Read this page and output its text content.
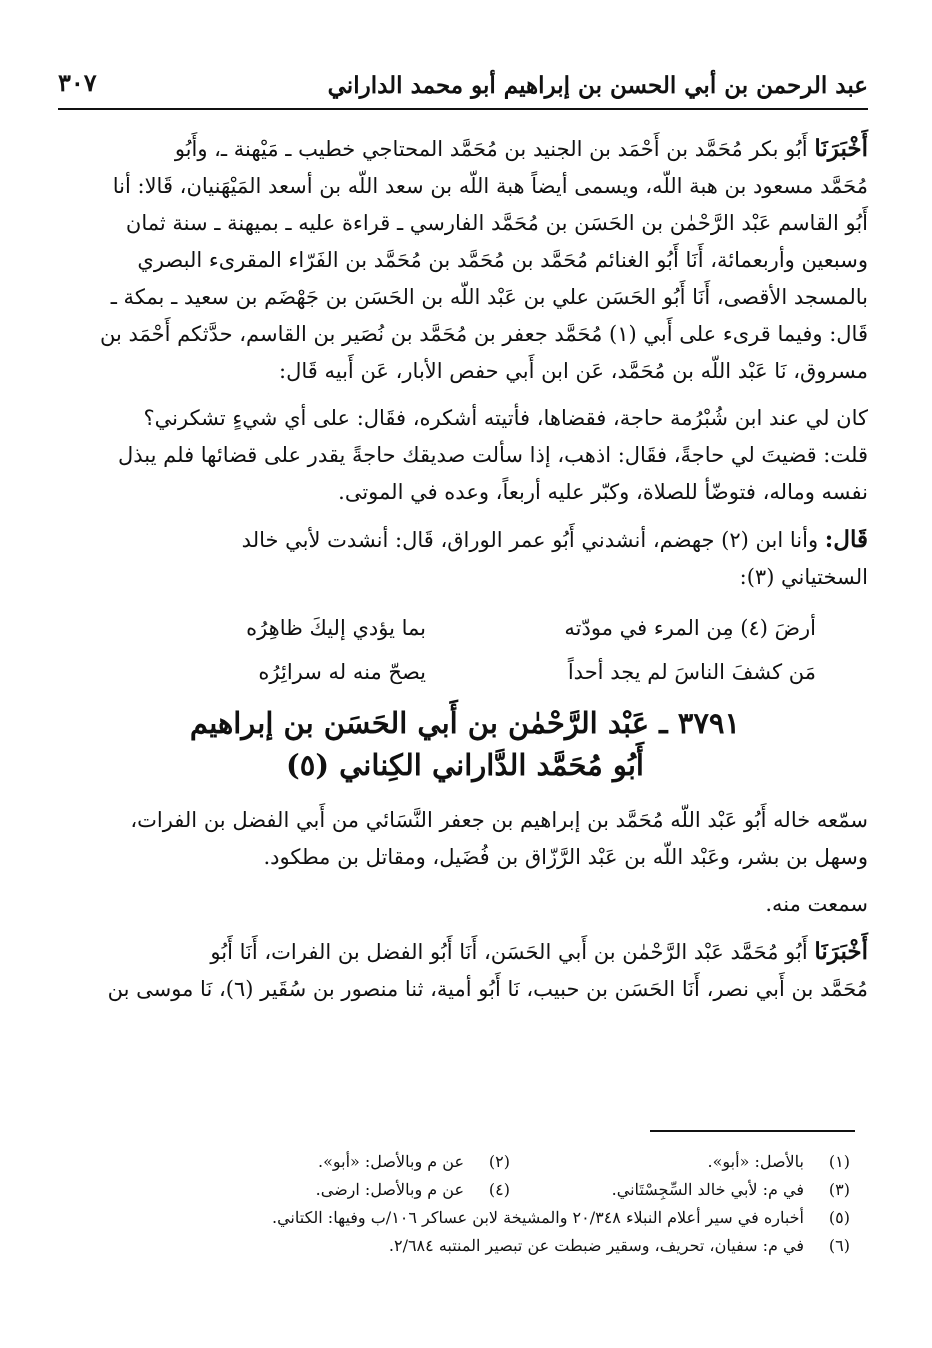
عبد الرحمن بن أبي الحسن بن إبراهيم أبو محمد الداراني
٣٠٧

أَخْبَرَنَا أَبُو بكر مُحَمَّد بن أَحْمَد بن الجنيد بن مُحَمَّد المحتاجي خطيب ـ مَيْهنة ـ، وأَبُو
مُحَمَّد مسعود بن هبة اللّه، ويسمى أيضاً هبة اللّه بن سعد اللّه بن أسعد المَيْهَنيان، قَالا: أنا
أَبُو القاسم عَبْد الرَّحْمٰن بن الحَسَن بن مُحَمَّد الفارسي ـ قراءة عليه ـ بميهنة ـ سنة ثمان
وسبعين وأربعمائة، أَنَا أَبُو الغنائم مُحَمَّد بن مُحَمَّد بن مُحَمَّد بن الفَرّاء المقرىء البصري
بالمسجد الأقصى، أَنَا أَبُو الحَسَن علي بن عَبْد اللّه بن الحَسَن بن جَهْضَم بن سعيد ـ بمكة ـ
قَال: وفيما قرىء على أَبي (١) مُحَمَّد جعفر بن مُحَمَّد بن نُصَير بن القاسم، حدَّثكم أَحْمَد بن
مسروق، نَا عَبْد اللّه بن مُحَمَّد، عَن ابن أَبي حفص الأبار، عَن أَبيه قَال:

كان لي عند ابن شُبْرُمة حاجة، فقضاها، فأتيته أشكره، فقَال: على أي شيءٍ تشكرني؟
قلت: قضيتَ لي حاجةً، فقَال: اذهب، إذا سألت صديقك حاجةً يقدر على قضائها فلم يبذل
نفسه وماله، فتوضّأ للصلاة، وكبّر عليه أربعاً، وعده في الموتى.

قَال: وأنا ابن (٢) جهضم، أنشدني أَبُو عمر الوراق، قَال: أنشدت لأبي خالد
السختياني (٣):

أرضَ (٤) مِن المرء في مودّته
بما يؤدي إليكَ ظاهِرُه
مَن كشفَ الناسَ لم يجد أحداً
يصحّ منه له سرائِرُه
٣٧٩١ ـ عَبْد الرَّحْمٰن بن أَبي الحَسَن بن إبراهيم
أَبُو مُحَمَّد الدَّاراني الكِناني (٥)

سمّعه خاله أَبُو عَبْد اللّه مُحَمَّد بن إبراهيم بن جعفر النَّسَائي من أَبي الفضل بن الفرات،
وسهل بن بشر، وعَبْد اللّه بن عَبْد الرَّزّاق بن فُضَيل، ومقاتل بن مطكود.

سمعت منه.

أَخْبَرَنَا أَبُو مُحَمَّد عَبْد الرَّحْمٰن بن أَبي الحَسَن، أَنَا أَبُو الفضل بن الفرات، أَنَا أَبُو
مُحَمَّد بن أَبي نصر، أَنَا الحَسَن بن حبيب، نَا أَبُو أمية، ثنا منصور بن سُقَير (٦)، نَا موسى بن

(١)
بالأصل: «أبو».
(٢)
عن م وبالأصل: «أبو».
(٣)
في م: لأبي خالد السِّجِسْتَاني.
(٤)
عن م وبالأصل: ارضى.
(٥)
أخباره في سير أعلام النبلاء ٢٠/٣٤٨ والمشيخة لابن عساكر ١٠٦/ب وفيها: الكتاني.
(٦)
في م: سفيان، تحريف، وسقير ضبطت عن تبصير المنتبه ٢/٦٨٤.
